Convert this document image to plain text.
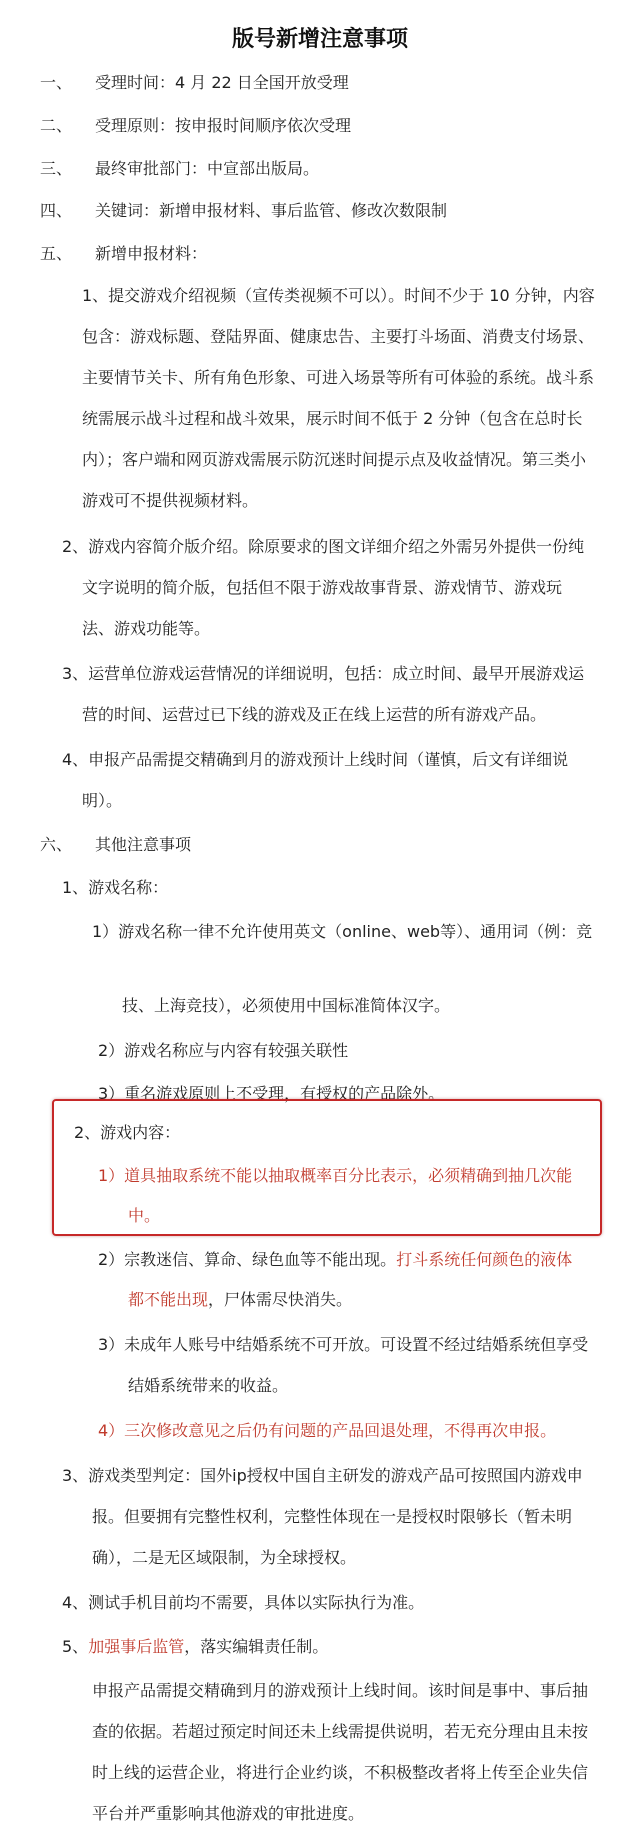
版号新增注意事项
一、 受理时间：4 月 22 日全国开放受理
二、 受理原则：按申报时间顺序依次受理
三、 最终审批部门：中宣部出版局。
四、 关键词：新增申报材料、事后监管、修改次数限制
五、 新增申报材料：
1、提交游戏介绍视频（宣传类视频不可以）。时间不少于 10 分钟，内容
包含：游戏标题、登陆界面、健康忠告、主要打斗场面、消费支付场景、
主要情节关卡、所有角色形象、可进入场景等所有可体验的系统。战斗系
统需展示战斗过程和战斗效果，展示时间不低于 2 分钟（包含在总时长
内）；客户端和网页游戏需展示防沉迷时间提示点及收益情况。第三类小
游戏可不提供视频材料。
2、游戏内容简介版介绍。除原要求的图文详细介绍之外需另外提供一份纯
文字说明的简介版，包括但不限于游戏故事背景、游戏情节、游戏玩
法、游戏功能等。
3、运营单位游戏运营情况的详细说明，包括：成立时间、最早开展游戏运
营的时间、运营过已下线的游戏及正在线上运营的所有游戏产品。
4、申报产品需提交精确到月的游戏预计上线时间（谨慎，后文有详细说
明）。
六、 其他注意事项
1、游戏名称：
1）游戏名称一律不允许使用英文（online、web等）、通用词（例：竞
技、上海竞技），必须使用中国标准简体汉字。
2）游戏名称应与内容有较强关联性
3）重名游戏原则上不受理，有授权的产品除外。
2、游戏内容：
1）道具抽取系统不能以抽取概率百分比表示，必须精确到抽几次能
中。
2）宗教迷信、算命、绿色血等不能出现。打斗系统任何颜色的液体
都不能出现，尸体需尽快消失。
3）未成年人账号中结婚系统不可开放。可设置不经过结婚系统但享受
结婚系统带来的收益。
4）三次修改意见之后仍有问题的产品回退处理，不得再次申报。
3、游戏类型判定：国外ip授权中国自主研发的游戏产品可按照国内游戏申
报。但要拥有完整性权利，完整性体现在一是授权时限够长（暂未明
确），二是无区域限制，为全球授权。
4、测试手机目前均不需要，具体以实际执行为准。
5、加强事后监管，落实编辑责任制。
申报产品需提交精确到月的游戏预计上线时间。该时间是事中、事后抽
查的依据。若超过预定时间还未上线需提供说明，若无充分理由且未按
时上线的运营企业，将进行企业约谈，不积极整改者将上传至企业失信
平台并严重影响其他游戏的审批进度。
